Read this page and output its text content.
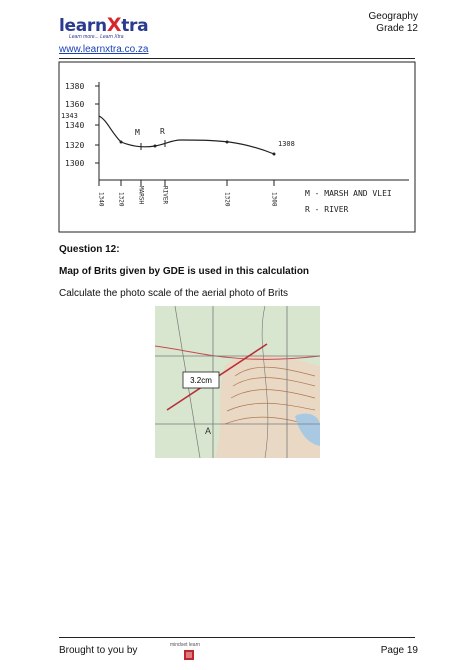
learnXtra
Learn more... Learn Xtra
www.learnxtra.co.za
Geography
Grade 12
1380
1360
1343
1340
1320
1300
M	R
1308
1340 1320 MARSH	RIVER	1320	1308	M - MARSH AND VLEI
R - RIVER
Question 12:
Map of Brits given by GDE is used in this calculation
Calculate the photo scale of the aerial photo of Brits
3.2cm
A
Brought to you by	mindset learn	Page 19
